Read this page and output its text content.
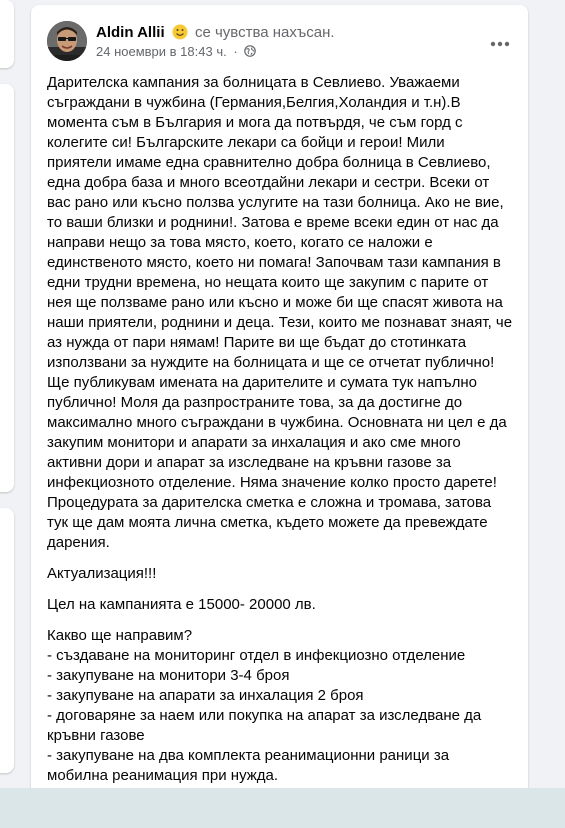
Aldin Allii се чувства нахъсан.
24 ноември в 18:43 ч. ·

Дарителска кампания за болницата в Севлиево. Уважаеми съграждани в чужбина (Германия,Белгия,Холандия и т.н).В момента съм в България и мога да потвърдя, че съм горд с колегите си! Българските лекари са бойци и герои! Мили приятели имаме една сравнително добра болница в Севлиево, една добра база и много всеотдайни лекари и сестри. Всеки от вас рано или късно ползва услугите на тази болница. Ако не вие, то ваши близки и роднини!. Затова е време всеки един от нас да направи нещо за това място, което, когато се наложи е единственото място, което ни помага! Започвам тази кампания в едни трудни времена, но нещата които ще закупим с парите от нея ще ползваме рано или късно и може би ще спасят живота на наши приятели, роднини и деца. Тези, които ме познават знаят, че аз нужда от пари нямам! Парите ви ще бъдат до стотинката използвани за нуждите на болницата и ще се отчетат публично! Ще публикувам имената на дарителите и сумата тук напълно публично! Моля да разпространите това, за да достигне до максимално много съграждани в чужбина. Основната ни цел е да закупим монитори и апарати за инхалация и ако сме много активни дори и апарат за изследване на кръвни газове за инфекциозното отделение. Няма значение колко просто дарете! Процедурата за дарителска сметка е сложна и тромава, затова тук ще дам моята лична сметка, където можете да превеждате дарения.

Актуализация!!!

Цел на кампанията е 15000- 20000 лв.

Какво ще направим?
- създаване на мониторинг отдел в инфекциозно отделение
- закупуване на монитори 3-4 броя
- закупуване на апарати за инхалация 2 броя
- договаряне за наем или покупка на апарат за изследване да кръвни газове
- закупуване на два комплекта реанимационни раници за мобилна реанимация при нужда.
